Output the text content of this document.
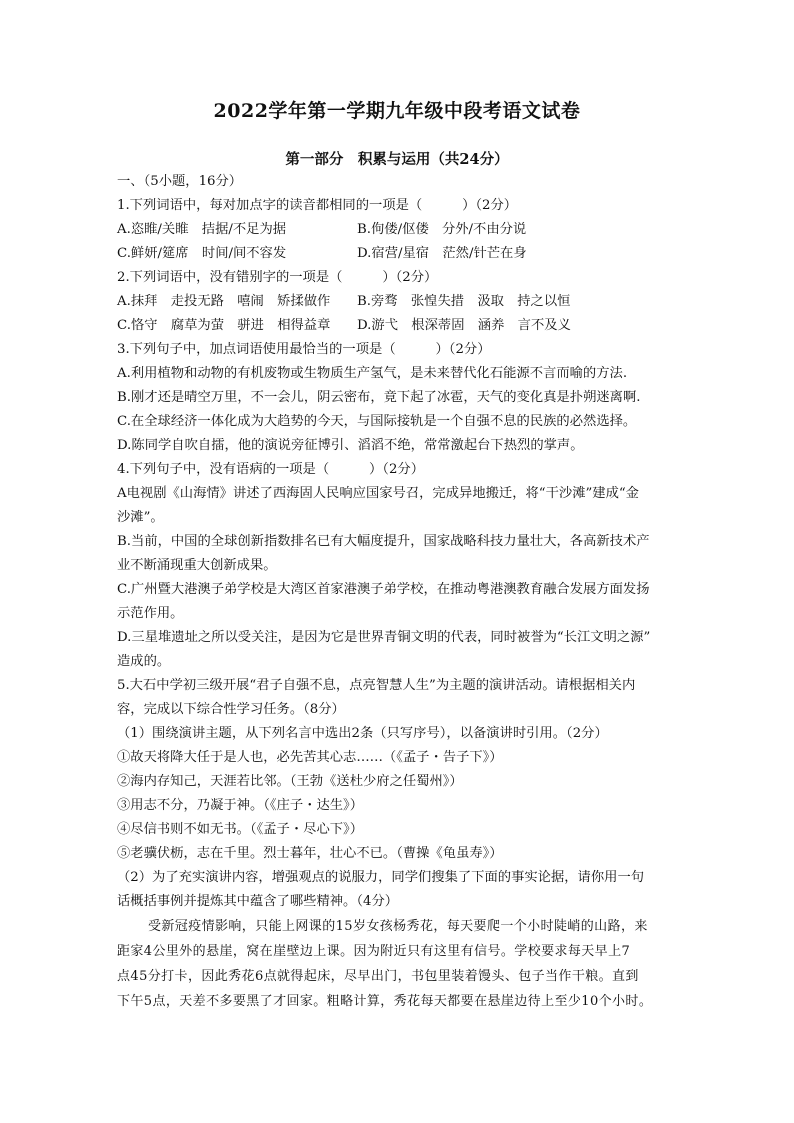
2022学年第一学期九年级中段考语文试卷
第一部分　积累与运用（共24分）
一、（5小题，16分）
1.下列词语中，每对加点字的读音都相同的一项是（　　　）（2分）
A.恣睢/关睢　拮据/不足为据	B.佝偻/伛偻　分外/不由分说
C.鲜妍/筵席　时间/间不容发	D.宿营/星宿　茫然/针芒在身
2.下列词语中，没有错别字的一项是（　　　）（2分）
A.抹拜　走投无路　嘻闹　矫揉做作 B.旁骛　张惶失措　汲取　持之以恒
C.恪守　腐草为萤　骈进　相得益章 D.游弋　根深蒂固　涵养　言不及义
3.下列句子中，加点词语使用最恰当的一项是（　　　）（2分）
A.利用植物和动物的有机废物或生物质生产氢气，是未来替代化石能源不言而喻的方法.
B.刚才还是晴空万里，不一会儿，阴云密布，竟下起了冰雹，天气的变化真是扑朔迷离啊.
C.在全球经济一体化成为大趋势的今天，与国际接轨是一个自强不息的民族的必然选择。
D.陈同学自吹自擂，他的演说旁征博引、滔滔不绝，常常激起台下热烈的掌声。
4.下列句子中，没有语病的一项是（　　　）（2分）
A电视剧《山海情》讲述了西海固人民响应国家号召，完成异地搬迁，将“干沙滩”建成“金
沙滩”。
B.当前，中国的全球创新指数排名已有大幅度提升，国家战略科技力量壮大，各高新技术产
业不断涌现重大创新成果。
C.广州暨大港澳子弟学校是大湾区首家港澳子弟学校，在推动粤港澳教育融合发展方面发扬
示范作用。
D.三星堆遗址之所以受关注，是因为它是世界青铜文明的代表，同时被誉为“长江文明之源”
造成的。
5.大石中学初三级开展“君子自强不息，点亮智慧人生”为主题的演讲活动。请根据相关内
容，完成以下综合性学习任务。（8分）
（1）围绕演讲主题，从下列名言中选出2条（只写序号），以备演讲时引用。（2分）
①故天将降大任于是人也，必先苦其心志……（《孟子・告子下》）
②海内存知己，天涯若比邻。（王勃《送杜少府之任蜀州》）
③用志不分，乃凝于神。（《庄子・达生》）
④尽信书则不如无书。（《孟子・尽心下》）
⑤老骥伏枥，志在千里。烈士暮年，壮心不已。（曹操《龟虽寿》）
（2）为了充实演讲内容，增强观点的说服力，同学们搜集了下面的事实论据，请你用一句
话概括事例并提炼其中蕴含了哪些精神。（4分）
受新冠疫情影响，只能上网课的15岁女孩杨秀花，每天要爬一个小时陡峭的山路，来
距家4公里外的悬崖，窝在崖壁边上课。因为附近只有这里有信号。学校要求每天早上7
点45分打卡，因此秀花6点就得起床，尽早出门，书包里装着馒头、包子当作干粮。直到
下午5点，天差不多要黑了才回家。粗略计算，秀花每天都要在悬崖边待上至少10个小时。
